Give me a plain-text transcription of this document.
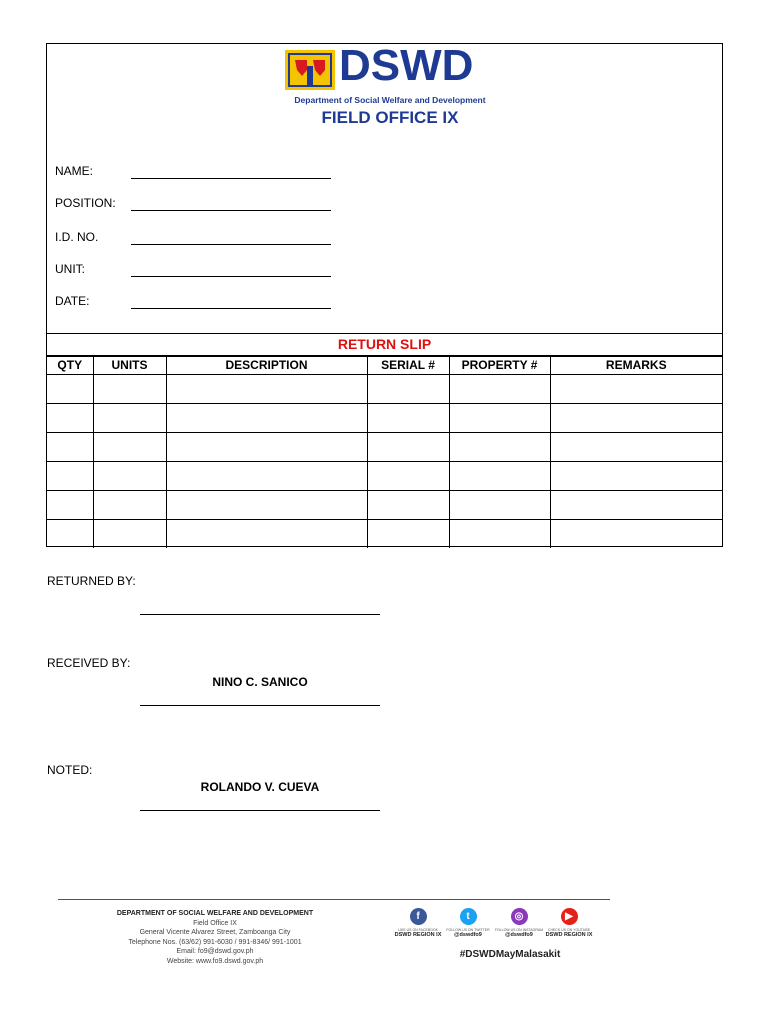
DSWD
Department of Social Welfare and Development
FIELD OFFICE IX
NAME:
POSITION:
I.D. NO.
UNIT:
DATE:
RETURN SLIP
QTY	UNITS	DESCRIPTION	SERIAL #	PROPERTY #	REMARKS

RETURNED BY:
RECEIVED BY:
NINO C. SANICO
NOTED:
ROLANDO V. CUEVA
DEPARTMENT OF SOCIAL WELFARE AND DEVELOPMENT
Field Office IX
General Vicente Alvarez Street, Zamboanga City
Telephone Nos. (63/62) 991-6030 / 991-8346/ 991-1001
Email: fo9@dswd.gov.ph
Website: www.fo9.dswd.gov.ph
f
LIKE US ON FACEBOOK
DSWD REGION IX
t
FOLLOW US ON TWITTER
@dswdfo9
◎
FOLLOW US ON INSTAGRAM
@dswdfo9
▶
CHECK US ON YOUTUBE
DSWD REGION IX
#DSWDMayMalasakit
